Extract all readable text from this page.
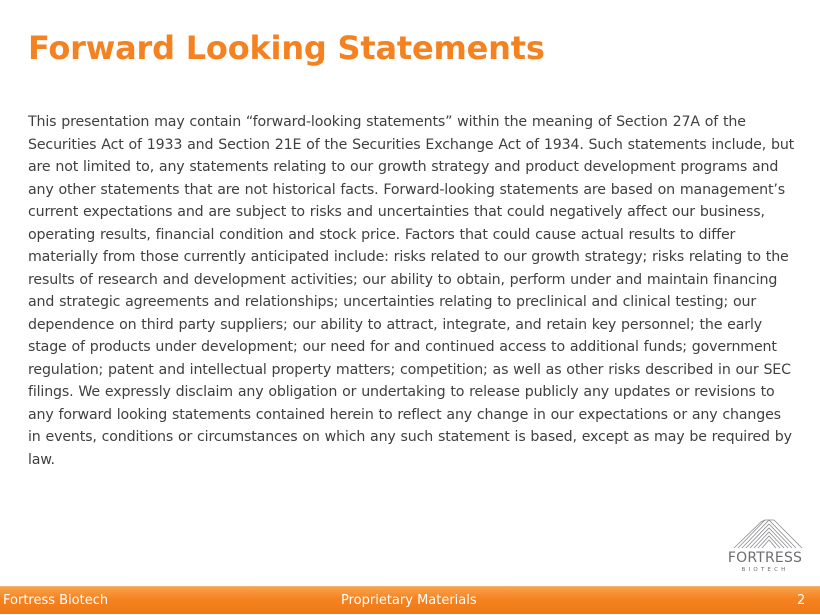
Forward Looking Statements

This presentation may contain “forward-looking statements” within the meaning of Section 27A of the Securities Act of 1933 and Section 21E of the Securities Exchange Act of 1934. Such statements include, but are not limited to, any statements relating to our growth strategy and product development programs and any other statements that are not historical facts. Forward-looking statements are based on management’s current expectations and are subject to risks and uncertainties that could negatively affect our business, operating results, financial condition and stock price. Factors that could cause actual results to differ materially from those currently anticipated include: risks related to our growth strategy; risks relating to the results of research and development activities; our ability to obtain, perform under and maintain financing and strategic agreements and relationships; uncertainties relating to preclinical and clinical testing; our dependence on third party suppliers; our ability to attract, integrate, and retain key personnel; the early stage of products under development; our need for and continued access to additional funds; government regulation; patent and intellectual property matters; competition; as well as other risks described in our SEC filings. We expressly disclaim any obligation or undertaking to release publicly any updates or revisions to any forward looking statements contained herein to reflect any change in our expectations or any changes in events, conditions or circumstances on which any such statement is based, except as may be required by law.

FORTRESS
BIOTECH
Fortress Biotech	Proprietary Materials	2
